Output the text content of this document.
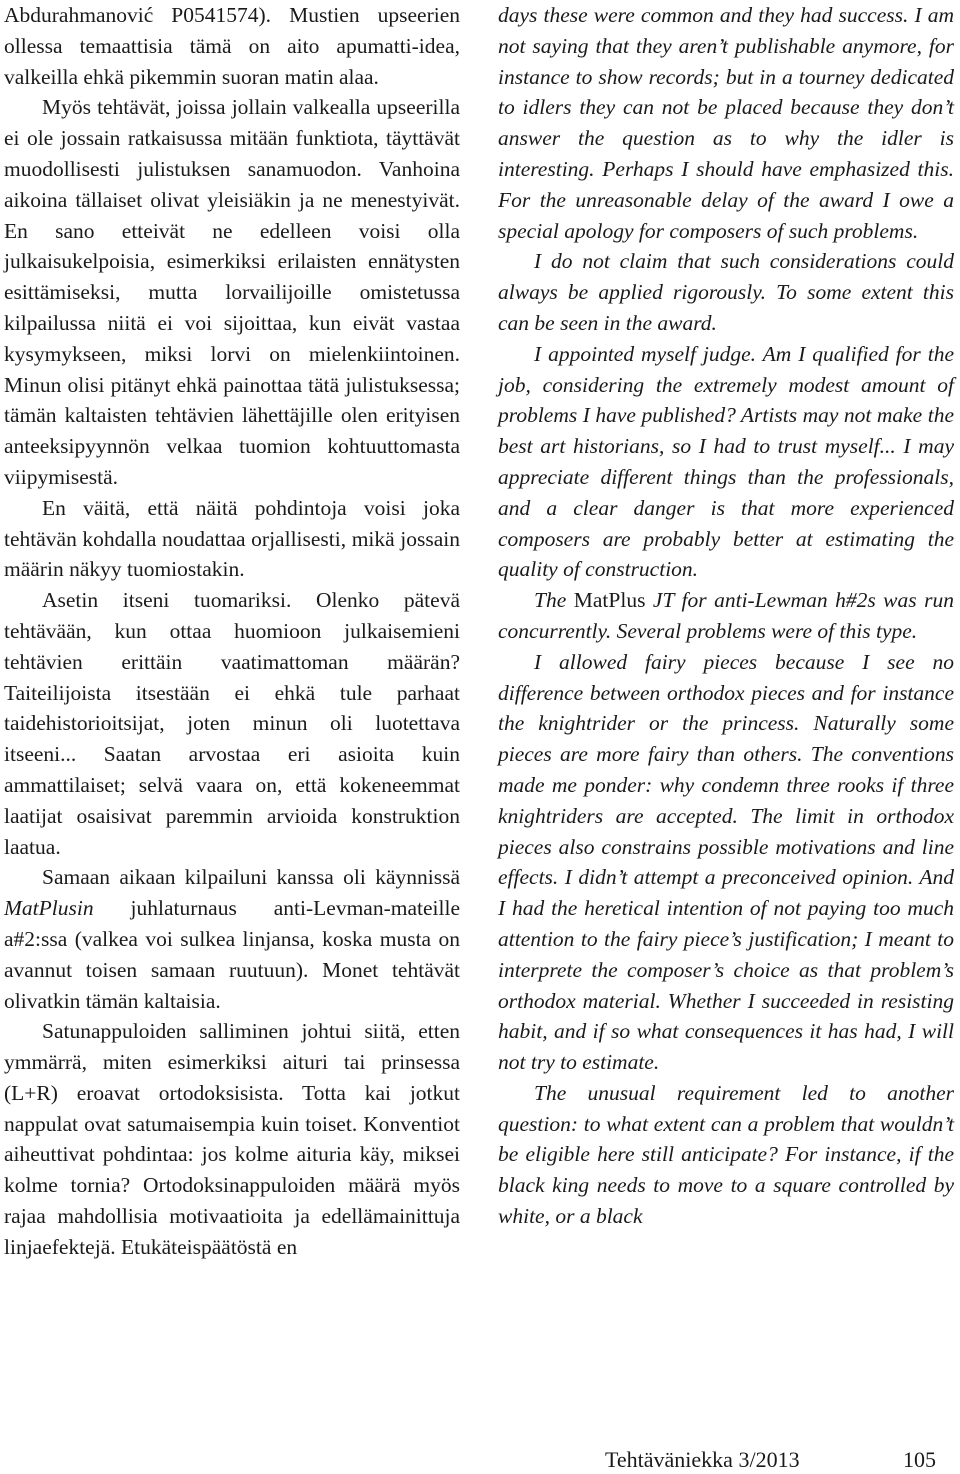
Abdurahmanović P0541574). Mustien upseerien ollessa temaattisia tämä on aito apumatti-idea, valkeilla ehkä pikemmin suoran matin alaa.

Myös tehtävät, joissa jollain valkealla upseerilla ei ole jossain ratkaisussa mitään funktiota, täyttävät muodollisesti julistuksen sanamuodon. Vanhoina aikoina tällaiset olivat yleisiäkin ja ne menestyivät. En sano etteivät ne edelleen voisi olla julkaisukelpoisia, esimerkiksi erilaisten ennätysten esittämiseksi, mutta lorvailijoille omistetussa kilpailussa niitä ei voi sijoittaa, kun eivät vastaa kysymykseen, miksi lorvi on mielenkiintoinen. Minun olisi pitänyt ehkä painottaa tätä julistuksessa; tämän kaltaisten tehtävien lähettäjille olen erityisen anteeksipyynnön velkaa tuomion kohtuuttomasta viipymisestä.

En väitä, että näitä pohdintoja voisi joka tehtävän kohdalla noudattaa orjallisesti, mikä jossain määrin näkyy tuomiostakin.

Asetin itseni tuomariksi. Olenko pätevä tehtävään, kun ottaa huomioon julkaisemieni tehtävien erittäin vaatimattoman määrän? Taiteilijoista itsestään ei ehkä tule parhaat taidehistorioitsijat, joten minun oli luotettava itseeni... Saatan arvostaa eri asioita kuin ammattilaiset; selvä vaara on, että kokeneemmat laatijat osaisivat paremmin arvioida konstruktion laatua.

Samaan aikaan kilpailuni kanssa oli käynnissä MatPlusin juhlaturnaus anti-Levman-mateille a#2:ssa (valkea voi sulkea linjansa, koska musta on avannut toisen samaan ruutuun). Monet tehtävät olivatkin tämän kaltaisia.

Satunappuloiden salliminen johtui siitä, etten ymmärrä, miten esimerkiksi aituri tai prinsessa (L+R) eroavat ortodoksisista. Totta kai jotkut nappulat ovat satumaisempia kuin toiset. Konventiot aiheuttivat pohdintaa: jos kolme aituria käy, miksei kolme tornia? Ortodoksinappuloiden määrä myös rajaa mahdollisia motivaatioita ja edellämainittuja linjaefektejä. Etukäteispäätöstä en

days these were common and they had success. I am not saying that they aren’t publishable anymore, for instance to show records; but in a tourney dedicated to idlers they can not be placed because they don’t answer the question as to why the idler is interesting. Perhaps I should have emphasized this. For the unreasonable delay of the award I owe a special apology for composers of such problems.

I do not claim that such considerations could always be applied rigorously. To some extent this can be seen in the award.

I appointed myself judge. Am I qualified for the job, considering the extremely modest amount of problems I have published? Artists may not make the best art historians, so I had to trust myself... I may appreciate different things than the professionals, and a clear danger is that more experienced composers are probably better at estimating the quality of construction.

The MatPlus JT for anti-Lewman h#2s was run concurrently. Several problems were of this type.

I allowed fairy pieces because I see no difference between orthodox pieces and for instance the knightrider or the princess. Naturally some pieces are more fairy than others. The conventions made me ponder: why condemn three rooks if three knightriders are accepted. The limit in orthodox pieces also constrains possible motivations and line effects. I didn’t attempt a preconceived opinion. And I had the heretical intention of not paying too much attention to the fairy piece’s justification; I meant to interprete the composer’s choice as that problem’s orthodox material. Whether I succeeded in resisting habit, and if so what consequences it has had, I will not try to estimate.

The unusual requirement led to another question: to what extent can a problem that wouldn’t be eligible here still anticipate? For instance, if the black king needs to move to a square controlled by white, or a black

Tehtäväniekka 3/2013	105
